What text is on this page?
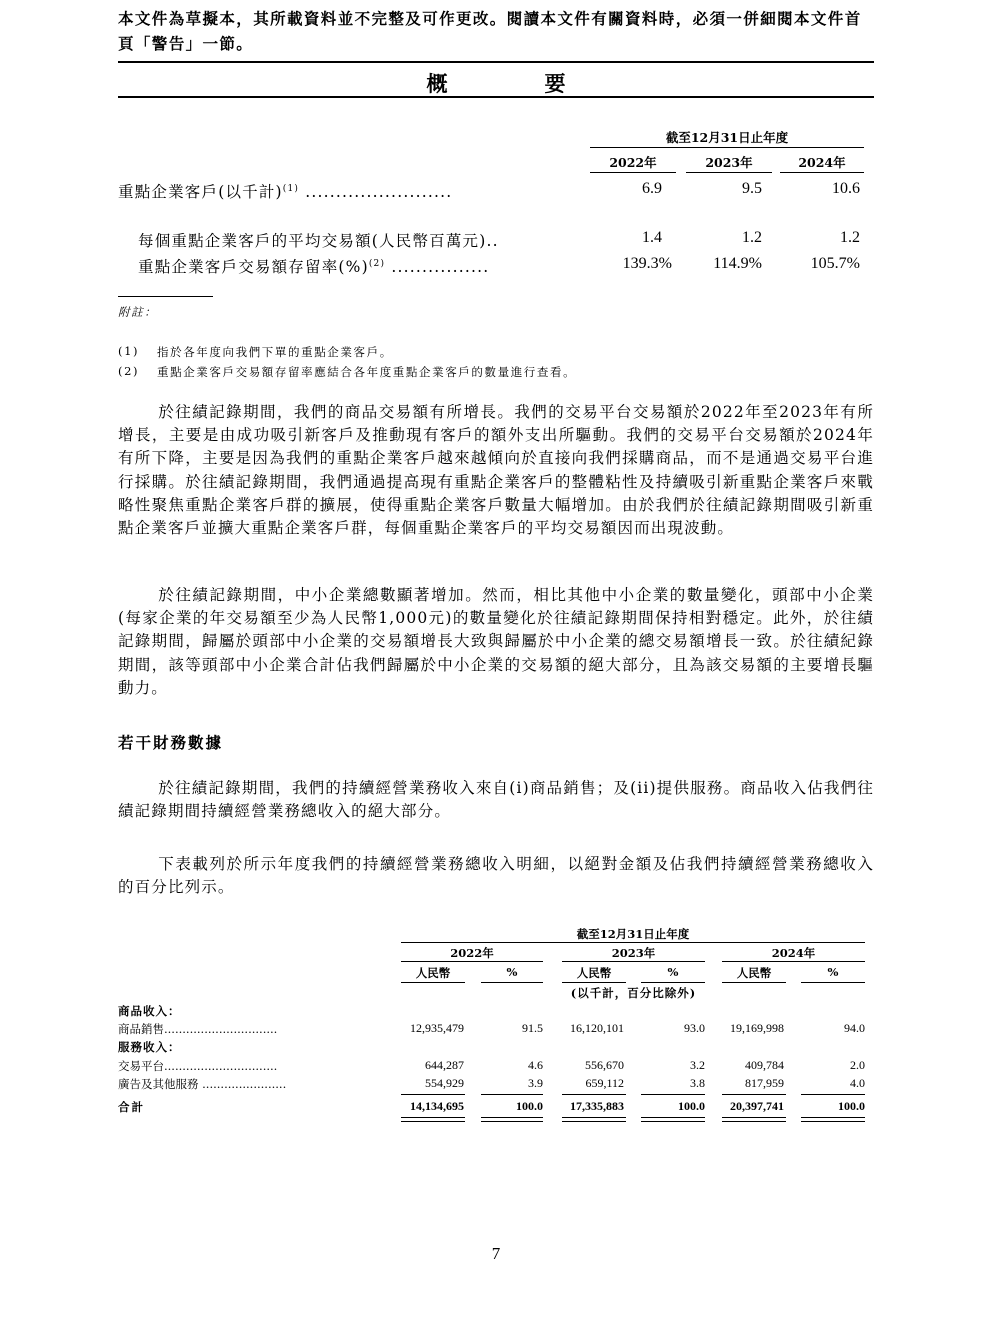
本文件為草擬本，其所載資料並不完整及可作更改。閱讀本文件有關資料時，必須一併細閱本文件首頁「警告」一節。
概　要
截至12月31日止年度
2022年	2023年	2024年
重點企業客戶(以千計)$^{(1)}$ ........................	6.9	9.5	10.6
每個重點企業客戶的平均交易額(人民幣百萬元)..	1.4	1.2	1.2
重點企業客戶交易額存留率(%)$^{(2)}$ ................	139.3%	114.9%	105.7%
附註：
(1) 指於各年度向我們下單的重點企業客戶。
(2) 重點企業客戶交易額存留率應結合各年度重點企業客戶的數量進行查看。
於往績記錄期間，我們的商品交易額有所增長。我們的交易平台交易額於2022年至2023年有所增長，主要是由成功吸引新客戶及推動現有客戶的額外支出所驅動。我們的交易平台交易額於2024年有所下降，主要是因為我們的重點企業客戶越來越傾向於直接向我們採購商品，而不是通過交易平台進行採購。於往績記錄期間，我們通過提高現有重點企業客戶的整體粘性及持續吸引新重點企業客戶來戰略性聚焦重點企業客戶群的擴展，使得重點企業客戶數量大幅增加。由於我們於往績記錄期間吸引新重點企業客戶並擴大重點企業客戶群，每個重點企業客戶的平均交易額因而出現波動。
於往績記錄期間，中小企業總數顯著增加。然而，相比其他中小企業的數量變化，頭部中小企業(每家企業的年交易額至少為人民幣1,000元)的數量變化於往績記錄期間保持相對穩定。此外，於往績記錄期間，歸屬於頭部中小企業的交易額增長大致與歸屬於中小企業的總交易額增長一致。於往績紀錄期間，該等頭部中小企業合計佔我們歸屬於中小企業的交易額的絕大部分，且為該交易額的主要增長驅動力。
若干財務數據
於往績記錄期間，我們的持續經營業務收入來自(i)商品銷售；及(ii)提供服務。商品收入佔我們往績記錄期間持續經營業務總收入的絕大部分。
下表載列於所示年度我們的持續經營業務總收入明細，以絕對金額及佔我們持續經營業務總收入的百分比列示。
截至12月31日止年度
2022年	2023年	2024年
人民幣	%	人民幣	%	人民幣	%
(以千計，百分比除外)
商品收入：
商品銷售...............................	12,935,479	91.5	16,120,101	93.0	19,169,998	94.0
服務收入：
交易平台...............................	644,287	4.6	556,670	3.2	409,784	2.0
廣告及其他服務 .......................	554,929	3.9	659,112	3.8	817,959	4.0
合計	14,134,695	100.0	17,335,883	100.0	20,397,741	100.0
7
